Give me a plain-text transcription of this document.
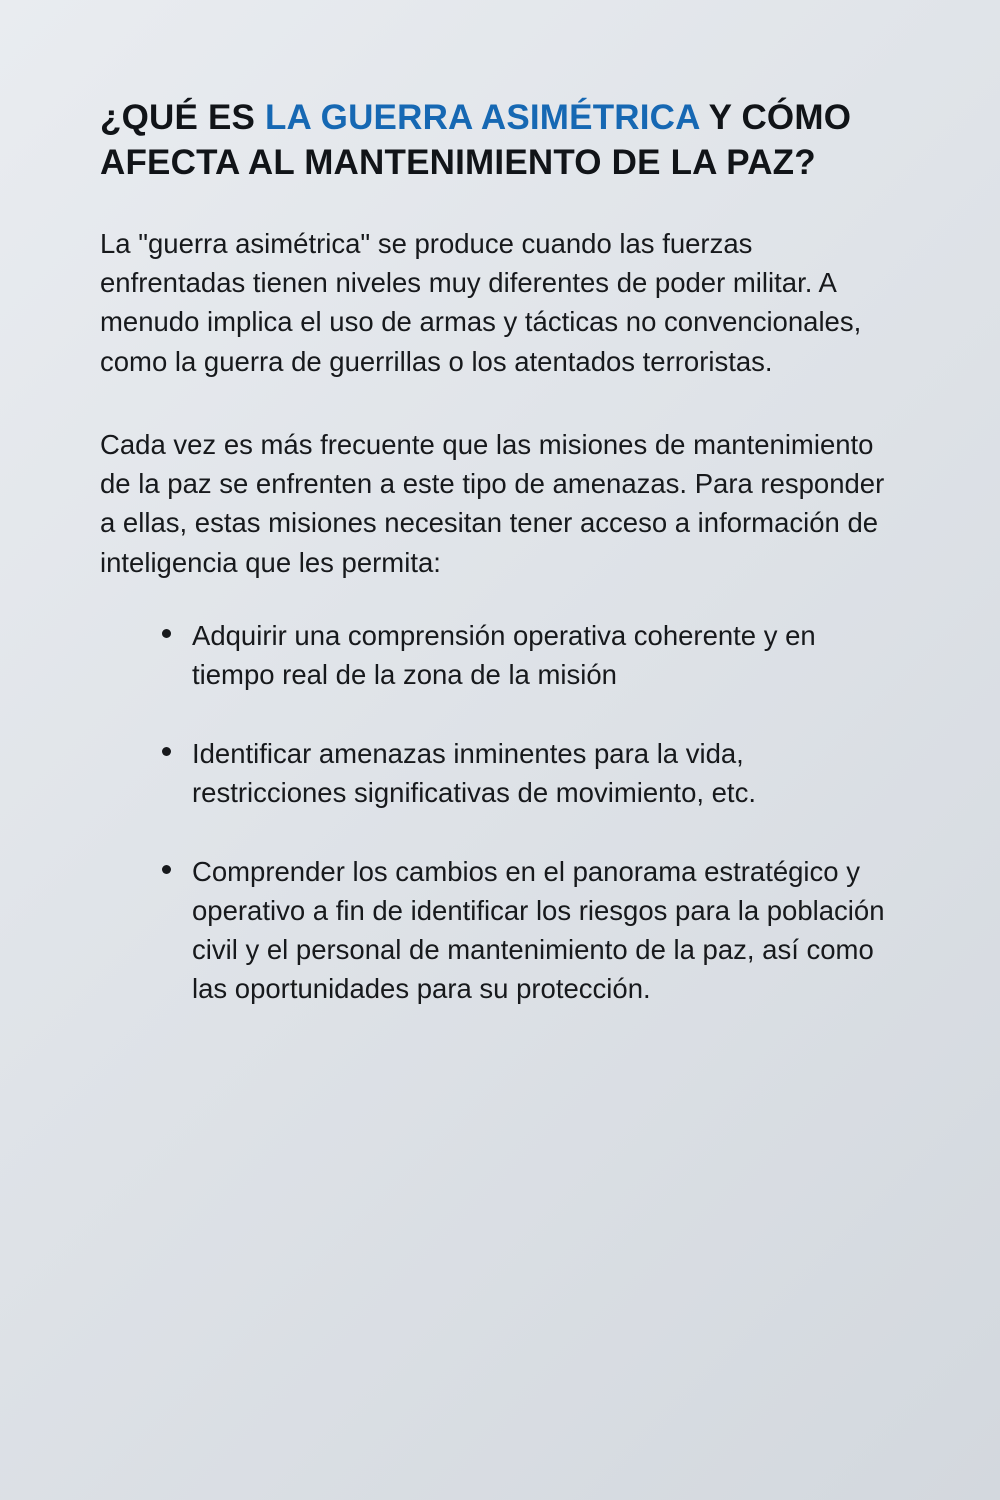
¿QUÉ ES LA GUERRA ASIMÉTRICA Y CÓMO AFECTA AL MANTENIMIENTO DE LA PAZ?

La "guerra asimétrica" se produce cuando las fuerzas enfrentadas tienen niveles muy diferentes de poder militar. A menudo implica el uso de armas y tácticas no convencionales, como la guerra de guerrillas o los atentados terroristas.

Cada vez es más frecuente que las misiones de mantenimiento de la paz se enfrenten a este tipo de amenazas. Para responder a ellas, estas misiones necesitan tener acceso a información de inteligencia que les permita:

Adquirir una comprensión operativa coherente y en tiempo real de la zona de la misión
Identificar amenazas inminentes para la vida, restricciones significativas de movimiento, etc.
Comprender los cambios en el panorama estratégico y operativo a fin de identificar los riesgos para la población civil y el personal de mantenimiento de la paz, así como las oportunidades para su protección.
